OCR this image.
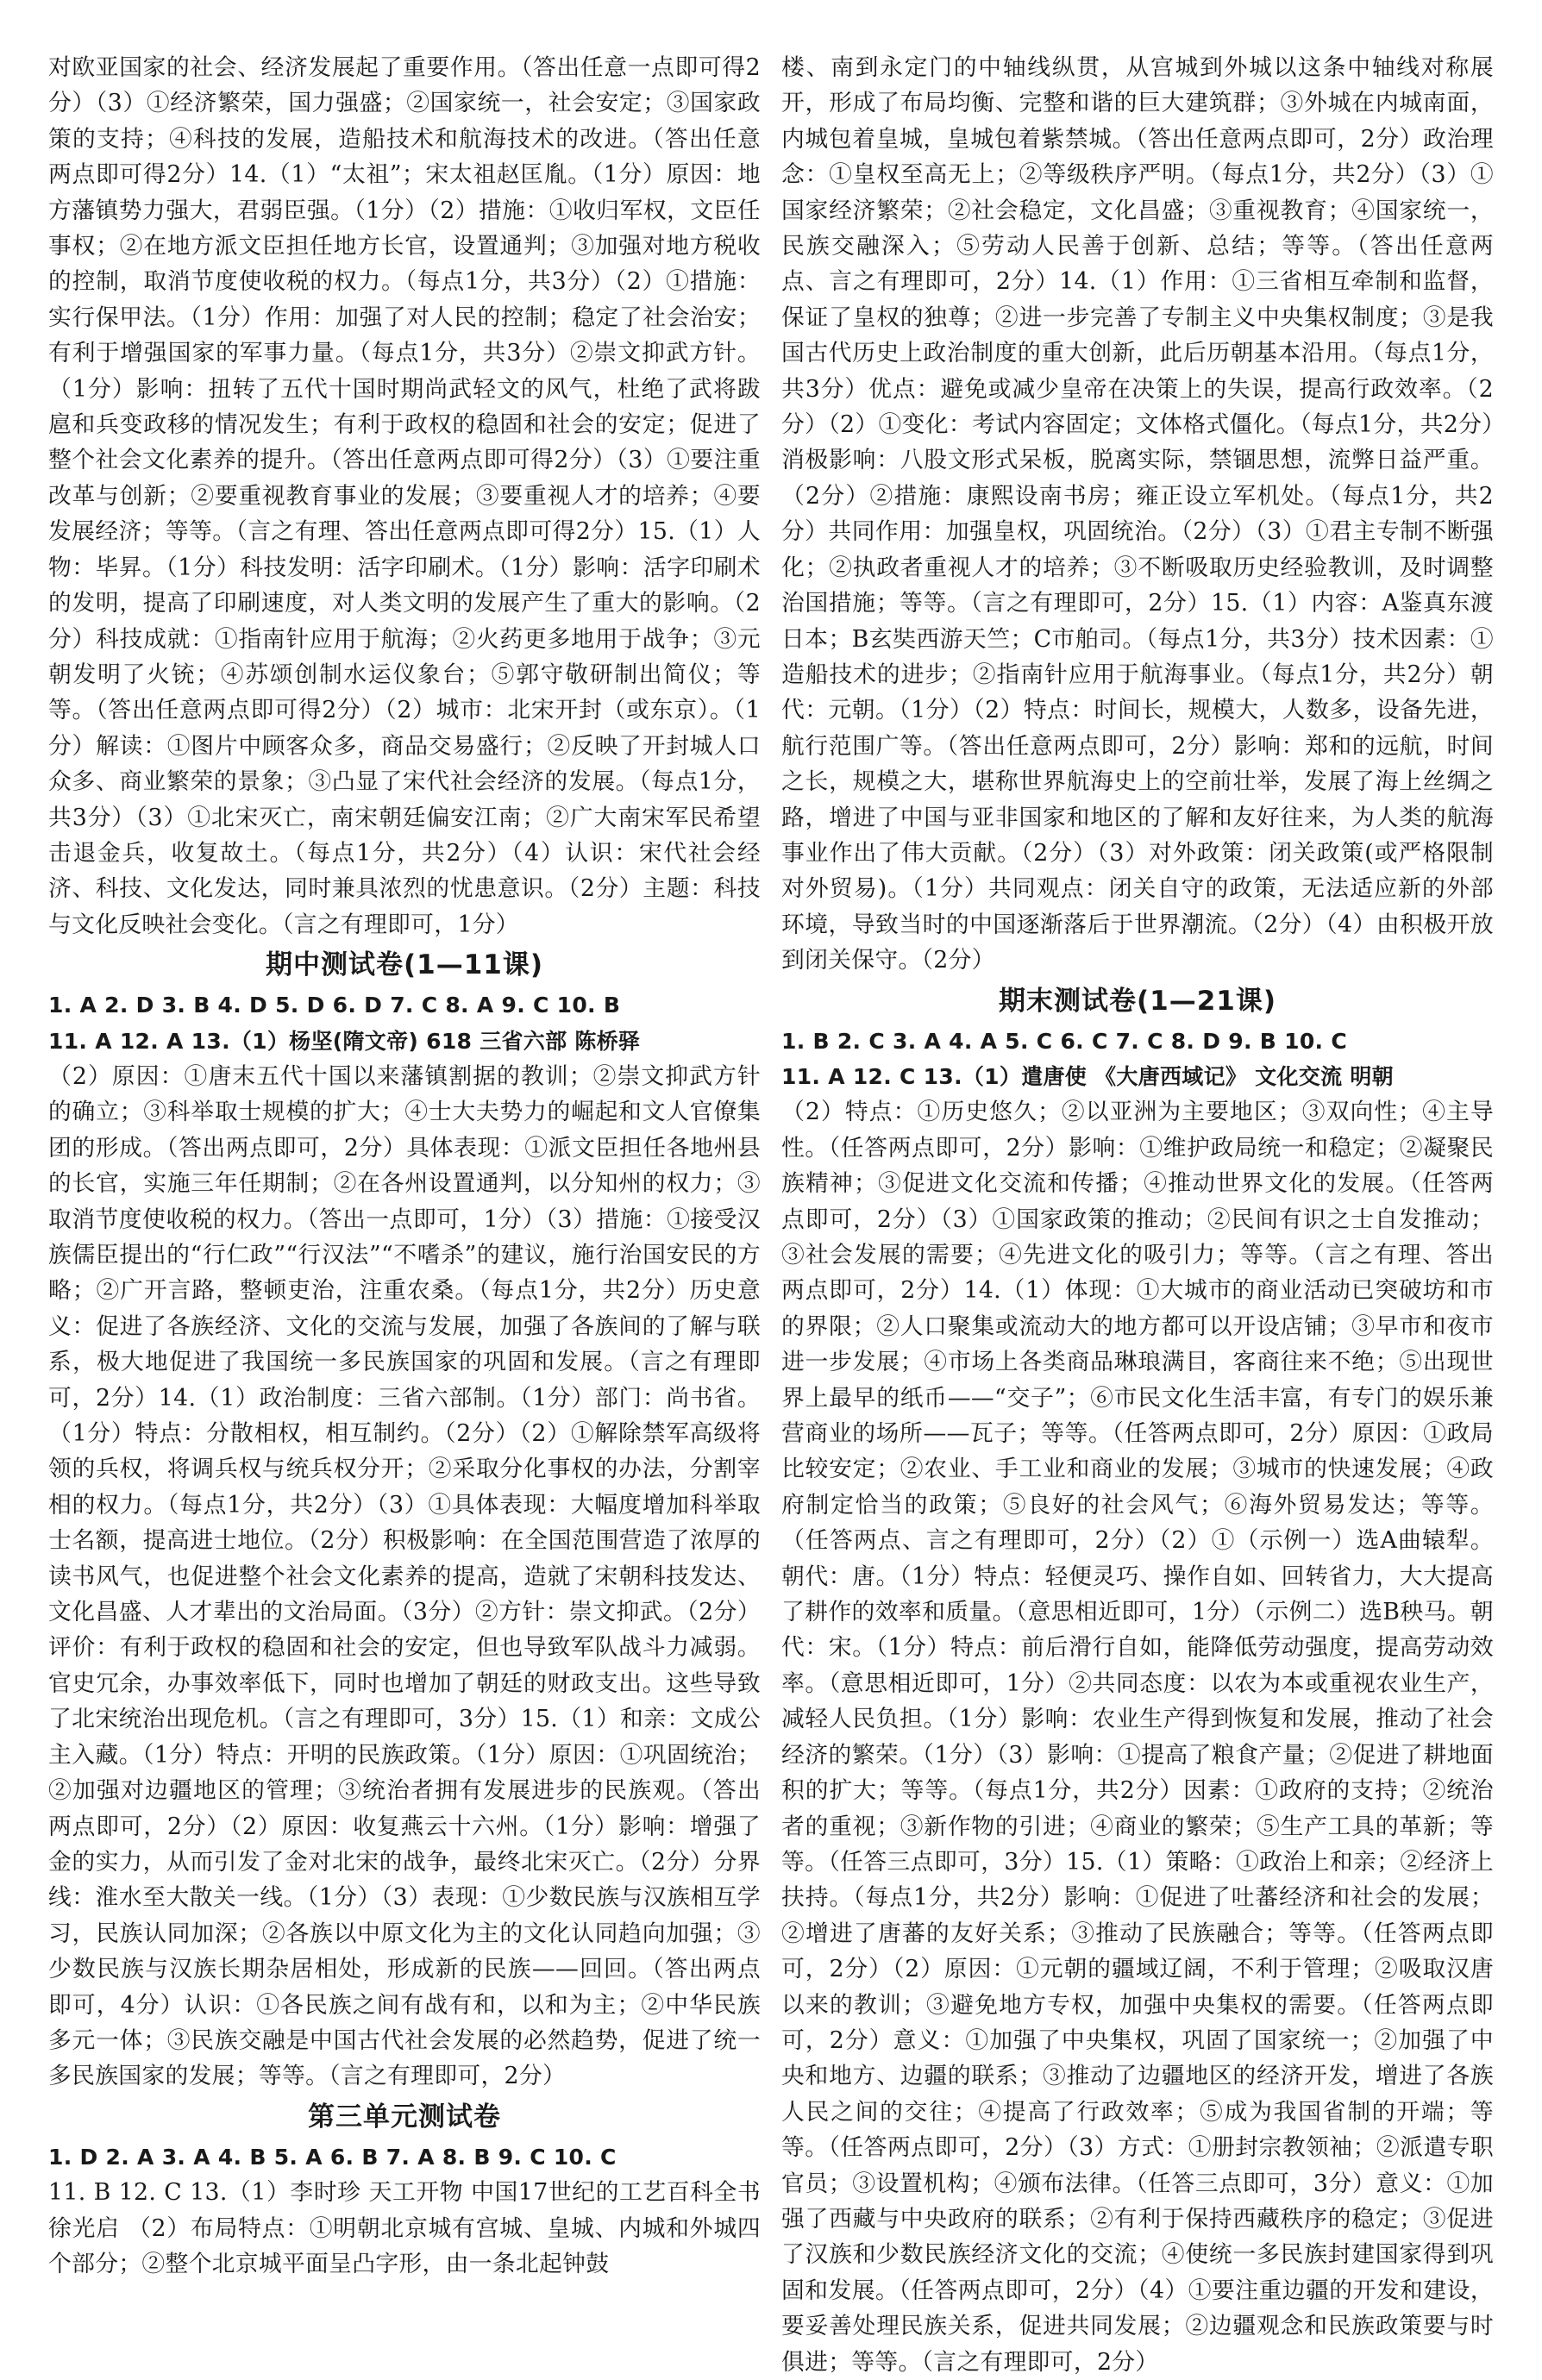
对欧亚国家的社会、经济发展起了重要作用。（答出任意一点即可得2分）（3）①经济繁荣，国力强盛；②国家统一，社会安定；③国家政策的支持；④科技的发展，造船技术和航海技术的改进。（答出任意两点即可得2分）14.（1）“太祖”；宋太祖赵匡胤。（1分）原因：地方藩镇势力强大，君弱臣强。（1分）（2）措施：①收归军权，文臣任事权；②在地方派文臣担任地方长官，设置通判；③加强对地方税收的控制，取消节度使收税的权力。（每点1分，共3分）（2）①措施：实行保甲法。（1分）作用：加强了对人民的控制；稳定了社会治安；有利于增强国家的军事力量。（每点1分，共3分）②崇文抑武方针。（1分）影响：扭转了五代十国时期尚武轻文的风气，杜绝了武将跋扈和兵变政移的情况发生；有利于政权的稳固和社会的安定；促进了整个社会文化素养的提升。（答出任意两点即可得2分）（3）①要注重改革与创新；②要重视教育事业的发展；③要重视人才的培养；④要发展经济；等等。（言之有理、答出任意两点即可得2分）15.（1）人物：毕昇。（1分）科技发明：活字印刷术。（1分）影响：活字印刷术的发明，提高了印刷速度，对人类文明的发展产生了重大的影响。（2分）科技成就：①指南针应用于航海；②火药更多地用于战争；③元朝发明了火铳；④苏颂创制水运仪象台；⑤郭守敬研制出简仪；等等。（答出任意两点即可得2分）（2）城市：北宋开封（或东京）。（1分）解读：①图片中顾客众多，商品交易盛行；②反映了开封城人口众多、商业繁荣的景象；③凸显了宋代社会经济的发展。（每点1分，共3分）（3）①北宋灭亡，南宋朝廷偏安江南；②广大南宋军民希望击退金兵，收复故土。（每点1分，共2分）（4）认识：宋代社会经济、科技、文化发达，同时兼具浓烈的忧患意识。（2分）主题：科技与文化反映社会变化。（言之有理即可，1分）

期中测试卷(1—11课)

1. A 2. D 3. B 4. D 5. D 6. D 7. C 8. A 9. C 10. B

11. A 12. A 13.（1）杨坚(隋文帝) 618 三省六部 陈桥驿

（2）原因：①唐末五代十国以来藩镇割据的教训；②崇文抑武方针的确立；③科举取士规模的扩大；④士大夫势力的崛起和文人官僚集团的形成。（答出两点即可，2分）具体表现：①派文臣担任各地州县的长官，实施三年任期制；②在各州设置通判，以分知州的权力；③取消节度使收税的权力。（答出一点即可，1分）（3）措施：①接受汉族儒臣提出的“行仁政”“行汉法”“不嗜杀”的建议，施行治国安民的方略；②广开言路，整顿吏治，注重农桑。（每点1分，共2分）历史意义：促进了各族经济、文化的交流与发展，加强了各族间的了解与联系，极大地促进了我国统一多民族国家的巩固和发展。（言之有理即可，2分）14.（1）政治制度：三省六部制。（1分）部门：尚书省。（1分）特点：分散相权，相互制约。（2分）（2）①解除禁军高级将领的兵权，将调兵权与统兵权分开；②采取分化事权的办法，分割宰相的权力。（每点1分，共2分）（3）①具体表现：大幅度增加科举取士名额，提高进士地位。（2分）积极影响：在全国范围营造了浓厚的读书风气，也促进整个社会文化素养的提高，造就了宋朝科技发达、文化昌盛、人才辈出的文治局面。（3分）②方针：崇文抑武。（2分）评价：有利于政权的稳固和社会的安定，但也导致军队战斗力减弱。官史冗余，办事效率低下，同时也增加了朝廷的财政支出。这些导致了北宋统治出现危机。（言之有理即可，3分）15.（1）和亲：文成公主入藏。（1分）特点：开明的民族政策。（1分）原因：①巩固统治；②加强对边疆地区的管理；③统治者拥有发展进步的民族观。（答出两点即可，2分）（2）原因：收复燕云十六州。（1分）影响：增强了金的实力，从而引发了金对北宋的战争，最终北宋灭亡。（2分）分界线：淮水至大散关一线。（1分）（3）表现：①少数民族与汉族相互学习，民族认同加深；②各族以中原文化为主的文化认同趋向加强；③少数民族与汉族长期杂居相处，形成新的民族——回回。（答出两点即可，4分）认识：①各民族之间有战有和，以和为主；②中华民族多元一体；③民族交融是中国古代社会发展的必然趋势，促进了统一多民族国家的发展；等等。（言之有理即可，2分）

第三单元测试卷

1. D 2. A 3. A 4. B 5. A 6. B 7. A 8. B 9. C 10. C

11. B 12. C 13.（1）李时珍 天工开物 中国17世纪的工艺百科全书 徐光启 （2）布局特点：①明朝北京城有宫城、皇城、内城和外城四个部分；②整个北京城平面呈凸字形，由一条北起钟鼓

楼、南到永定门的中轴线纵贯，从宫城到外城以这条中轴线对称展开，形成了布局均衡、完整和谐的巨大建筑群；③外城在内城南面，内城包着皇城，皇城包着紫禁城。（答出任意两点即可，2分）政治理念：①皇权至高无上；②等级秩序严明。（每点1分，共2分）（3）①国家经济繁荣；②社会稳定，文化昌盛；③重视教育；④国家统一，民族交融深入；⑤劳动人民善于创新、总结；等等。（答出任意两点、言之有理即可，2分）14.（1）作用：①三省相互牵制和监督，保证了皇权的独尊；②进一步完善了专制主义中央集权制度；③是我国古代历史上政治制度的重大创新，此后历朝基本沿用。（每点1分，共3分）优点：避免或减少皇帝在决策上的失误，提高行政效率。（2分）（2）①变化：考试内容固定；文体格式僵化。（每点1分，共2分）消极影响：八股文形式呆板，脱离实际，禁锢思想，流弊日益严重。（2分）②措施：康熙设南书房；雍正设立军机处。（每点1分，共2分）共同作用：加强皇权，巩固统治。（2分）（3）①君主专制不断强化；②执政者重视人才的培养；③不断吸取历史经验教训，及时调整治国措施；等等。（言之有理即可，2分）15.（1）内容：A鉴真东渡日本；B玄奘西游天竺；C市舶司。（每点1分，共3分）技术因素：①造船技术的进步；②指南针应用于航海事业。（每点1分，共2分）朝代：元朝。（1分）（2）特点：时间长，规模大，人数多，设备先进，航行范围广等。（答出任意两点即可，2分）影响：郑和的远航，时间之长，规模之大，堪称世界航海史上的空前壮举，发展了海上丝绸之路，增进了中国与亚非国家和地区的了解和友好往来，为人类的航海事业作出了伟大贡献。（2分）（3）对外政策：闭关政策(或严格限制对外贸易)。（1分）共同观点：闭关自守的政策，无法适应新的外部环境，导致当时的中国逐渐落后于世界潮流。（2分）（4）由积极开放到闭关保守。（2分）

期末测试卷(1—21课)

1. B 2. C 3. A 4. A 5. C 6. C 7. C 8. D 9. B 10. C

11. A 12. C 13.（1）遣唐使 《大唐西域记》 文化交流 明朝

（2）特点：①历史悠久；②以亚洲为主要地区；③双向性；④主导性。（任答两点即可，2分）影响：①维护政局统一和稳定；②凝聚民族精神；③促进文化交流和传播；④推动世界文化的发展。（任答两点即可，2分）（3）①国家政策的推动；②民间有识之士自发推动；③社会发展的需要；④先进文化的吸引力；等等。（言之有理、答出两点即可，2分）14.（1）体现：①大城市的商业活动已突破坊和市的界限；②人口聚集或流动大的地方都可以开设店铺；③早市和夜市进一步发展；④市场上各类商品琳琅满目，客商往来不绝；⑤出现世界上最早的纸币——“交子”；⑥市民文化生活丰富，有专门的娱乐兼营商业的场所——瓦子；等等。（任答两点即可，2分）原因：①政局比较安定；②农业、手工业和商业的发展；③城市的快速发展；④政府制定恰当的政策；⑤良好的社会风气；⑥海外贸易发达；等等。（任答两点、言之有理即可，2分）（2）①（示例一）选A曲辕犁。朝代：唐。（1分）特点：轻便灵巧、操作自如、回转省力，大大提高了耕作的效率和质量。（意思相近即可，1分）（示例二）选B秧马。朝代：宋。（1分）特点：前后滑行自如，能降低劳动强度，提高劳动效率。（意思相近即可，1分）②共同态度：以农为本或重视农业生产，减轻人民负担。（1分）影响：农业生产得到恢复和发展，推动了社会经济的繁荣。（1分）（3）影响：①提高了粮食产量；②促进了耕地面积的扩大；等等。（每点1分，共2分）因素：①政府的支持；②统治者的重视；③新作物的引进；④商业的繁荣；⑤生产工具的革新；等等。（任答三点即可，3分）15.（1）策略：①政治上和亲；②经济上扶持。（每点1分，共2分）影响：①促进了吐蕃经济和社会的发展；②增进了唐蕃的友好关系；③推动了民族融合；等等。（任答两点即可，2分）（2）原因：①元朝的疆域辽阔，不利于管理；②吸取汉唐以来的教训；③避免地方专权，加强中央集权的需要。（任答两点即可，2分）意义：①加强了中央集权，巩固了国家统一；②加强了中央和地方、边疆的联系；③推动了边疆地区的经济开发，增进了各族人民之间的交往；④提高了行政效率；⑤成为我国省制的开端；等等。（任答两点即可，2分）（3）方式：①册封宗教领袖；②派遣专职官员；③设置机构；④颁布法律。（任答三点即可，3分）意义：①加强了西藏与中央政府的联系；②有利于保持西藏秩序的稳定；③促进了汉族和少数民族经济文化的交流；④使统一多民族封建国家得到巩固和发展。（任答两点即可，2分）（4）①要注重边疆的开发和建设，要妥善处理民族关系，促进共同发展；②边疆观念和民族政策要与时俱进；等等。（言之有理即可，2分）
